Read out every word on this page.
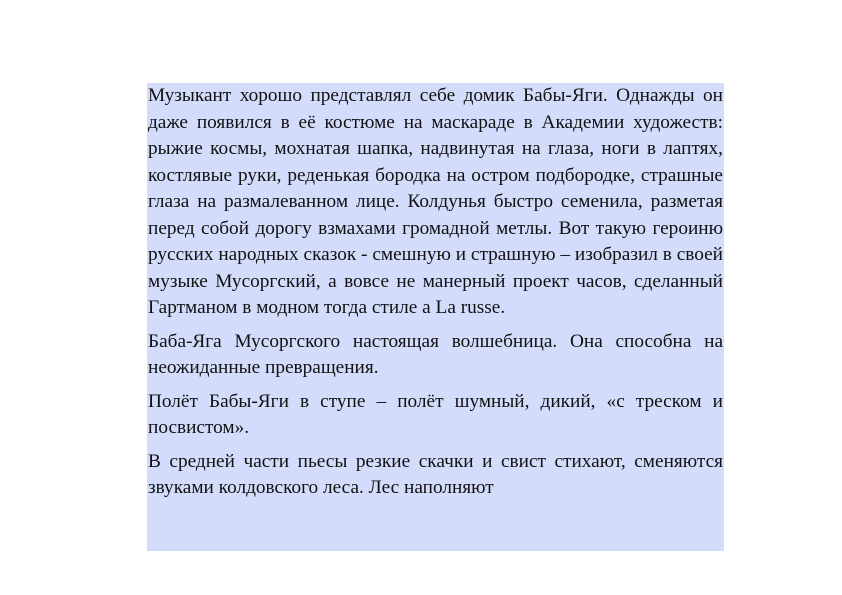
Музыкант хорошо представлял себе домик Бабы-Яги. Однажды он даже появился в её костюме на маскараде в Академии художеств: рыжие космы, мохнатая шапка, надвинутая на глаза, ноги в лаптях, костлявые руки, реденькая бородка на остром подбородке, страшные глаза на размалеванном лице. Колдунья быстро семенила, разметая перед собой дорогу взмахами громадной метлы. Вот такую героиню русских народных сказок - смешную и страшную – изобразил в своей музыке Мусоргский, а вовсе не манерный проект часов, сделанный Гартманом в модном тогда стиле а La russe.

Баба-Яга Мусоргского настоящая волшебница. Она способна на неожиданные превращения.

Полёт Бабы-Яги в ступе – полёт шумный, дикий, «с треском и посвистом».

В средней части пьесы резкие скачки и свист стихают, сменяются звуками колдовского леса. Лес наполняют
